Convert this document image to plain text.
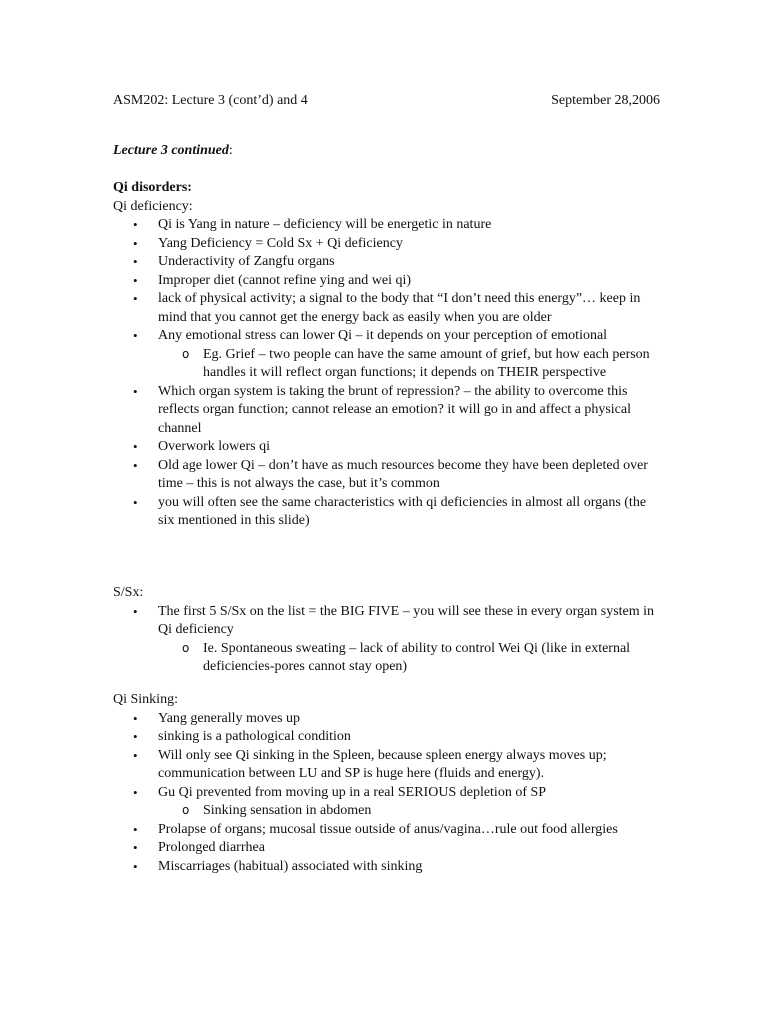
ASM202: Lecture 3 (cont’d) and 4	September 28,2006
Lecture 3 continued:
Qi disorders:
Qi deficiency:
• Qi is Yang in nature – deficiency will be energetic in nature
• Yang Deficiency = Cold Sx + Qi deficiency
• Underactivity of Zangfu organs
• Improper diet (cannot refine ying and wei qi)
• lack of physical activity; a signal to the body that “I don’t need this energy”… keep in mind that you cannot get the energy back as easily when you are older
• Any emotional stress can lower Qi – it depends on your perception of emotional
o Eg. Grief – two people can have the same amount of grief, but how each person handles it will reflect organ functions; it depends on THEIR perspective
• Which organ system is taking the brunt of repression? – the ability to overcome this reflects organ function; cannot release an emotion? it will go in and affect a physical channel
• Overwork lowers qi
• Old age lower Qi – don’t have as much resources become they have been depleted over time – this is not always the case, but it’s common
• you will often see the same characteristics with qi deficiencies in almost all organs (the six mentioned in this slide)
S/Sx:
• The first 5 S/Sx on the list = the BIG FIVE – you will see these in every organ system in Qi deficiency
o Ie. Spontaneous sweating – lack of ability to control Wei Qi (like in external deficiencies-pores cannot stay open)
Qi Sinking:
• Yang generally moves up
• sinking is a pathological condition
• Will only see Qi sinking in the Spleen, because spleen energy always moves up; communication between LU and SP is huge here (fluids and energy).
• Gu Qi prevented from moving up in a real SERIOUS depletion of SP
o Sinking sensation in abdomen
• Prolapse of organs; mucosal tissue outside of anus/vagina…rule out food allergies
• Prolonged diarrhea
• Miscarriages (habitual) associated with sinking
